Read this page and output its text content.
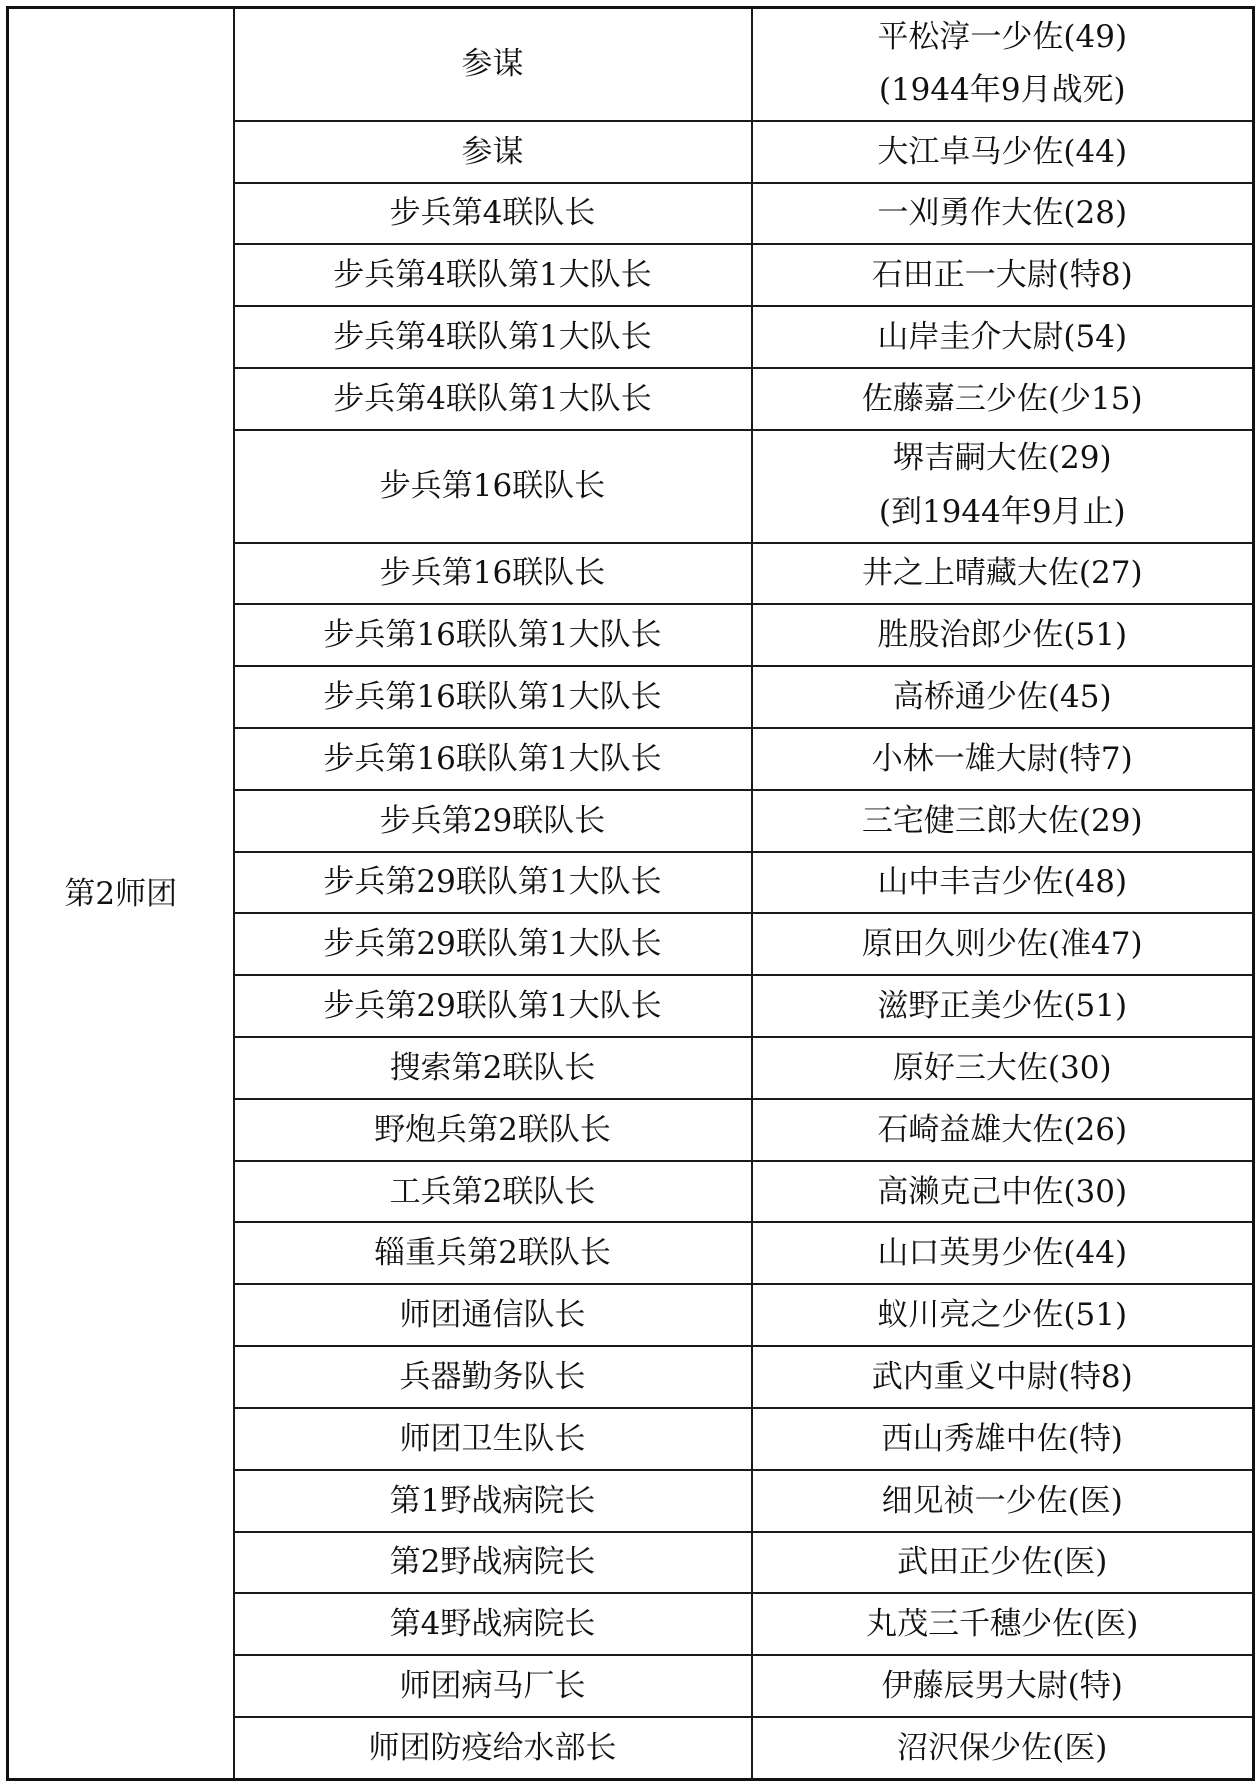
第2师团	参谋	平松淳一少佐(49)
(1944年9月战死)

	参谋	大江卓马少佐(44)

	步兵第4联队长	一刈勇作大佐(28)

	步兵第4联队第1大队长	石田正一大尉(特8)

	步兵第4联队第1大队长	山岸圭介大尉(54)

	步兵第4联队第1大队长	佐藤嘉三少佐(少15)

	步兵第16联队长	堺吉嗣大佐(29)
(到1944年9月止)

	步兵第16联队长	井之上晴藏大佐(27)

	步兵第16联队第1大队长	胜股治郎少佐(51)

	步兵第16联队第1大队长	高桥通少佐(45)

	步兵第16联队第1大队长	小林一雄大尉(特7)

	步兵第29联队长	三宅健三郎大佐(29)

	步兵第29联队第1大队长	山中丰吉少佐(48)

	步兵第29联队第1大队长	原田久则少佐(准47)

	步兵第29联队第1大队长	滋野正美少佐(51)

	搜索第2联队长	原好三大佐(30)

	野炮兵第2联队长	石崎益雄大佐(26)

	工兵第2联队长	高濑克己中佐(30)

	辎重兵第2联队长	山口英男少佐(44)

	师团通信队长	蚁川亮之少佐(51)

	兵器勤务队长	武内重义中尉(特8)

	师团卫生队长	西山秀雄中佐(特)

	第1野战病院长	细见祯一少佐(医)

	第2野战病院长	武田正少佐(医)

	第4野战病院长	丸茂三千穗少佐(医)

	师团病马厂长	伊藤辰男大尉(特)

	师团防疫给水部长	沼沢保少佐(医)
